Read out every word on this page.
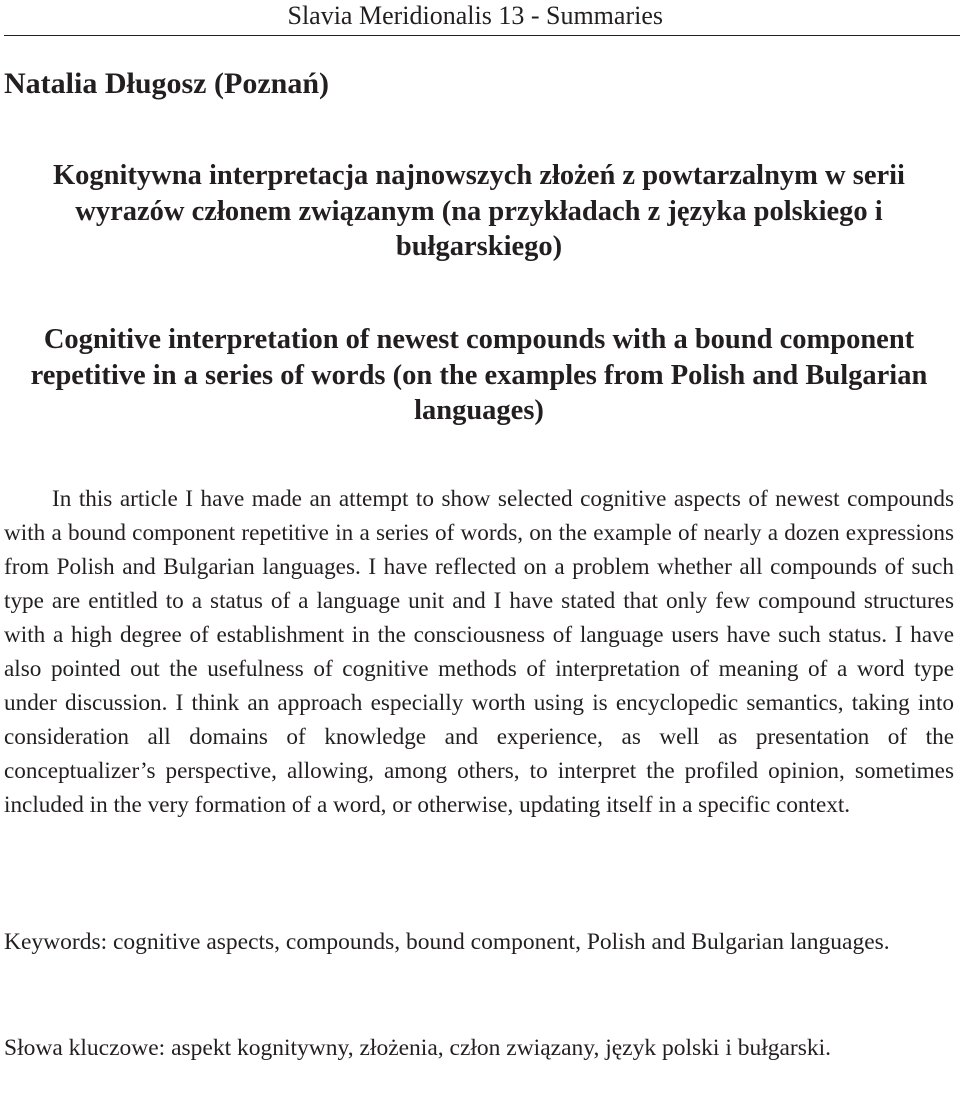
Slavia Meridionalis 13 - Summaries

Natalia Długosz (Poznań)
Kognitywna interpretacja najnowszych złożeń z powtarzalnym w serii wyrazów członem związanym (na przykładach z języka polskiego i bułgarskiego)
Cognitive interpretation of newest compounds with a bound component repetitive in a series of words (on the examples from Polish and Bulgarian languages)

In this article I have made an attempt to show selected cognitive aspects of newest compounds with a bound component repetitive in a series of words, on the example of nearly a dozen expressions from Polish and Bulgarian languages. I have reflected on a problem whether all compounds of such type are entitled to a status of a language unit and I have stated that only few compound structures with a high degree of establishment in the consciousness of language users have such status. I have also pointed out the usefulness of cognitive methods of interpretation of meaning of a word type under discussion. I think an approach especially worth using is encyclopedic semantics, taking into consideration all domains of knowledge and experience, as well as presentation of the conceptualizer’s perspective, allowing, among others, to interpret the profiled opinion, sometimes included in the very formation of a word, or otherwise, updating itself in a specific context.

Keywords: cognitive aspects, compounds, bound component, Polish and Bulgarian languages.

Słowa kluczowe: aspekt kognitywny, złożenia, człon związany, język polski i bułgarski.
